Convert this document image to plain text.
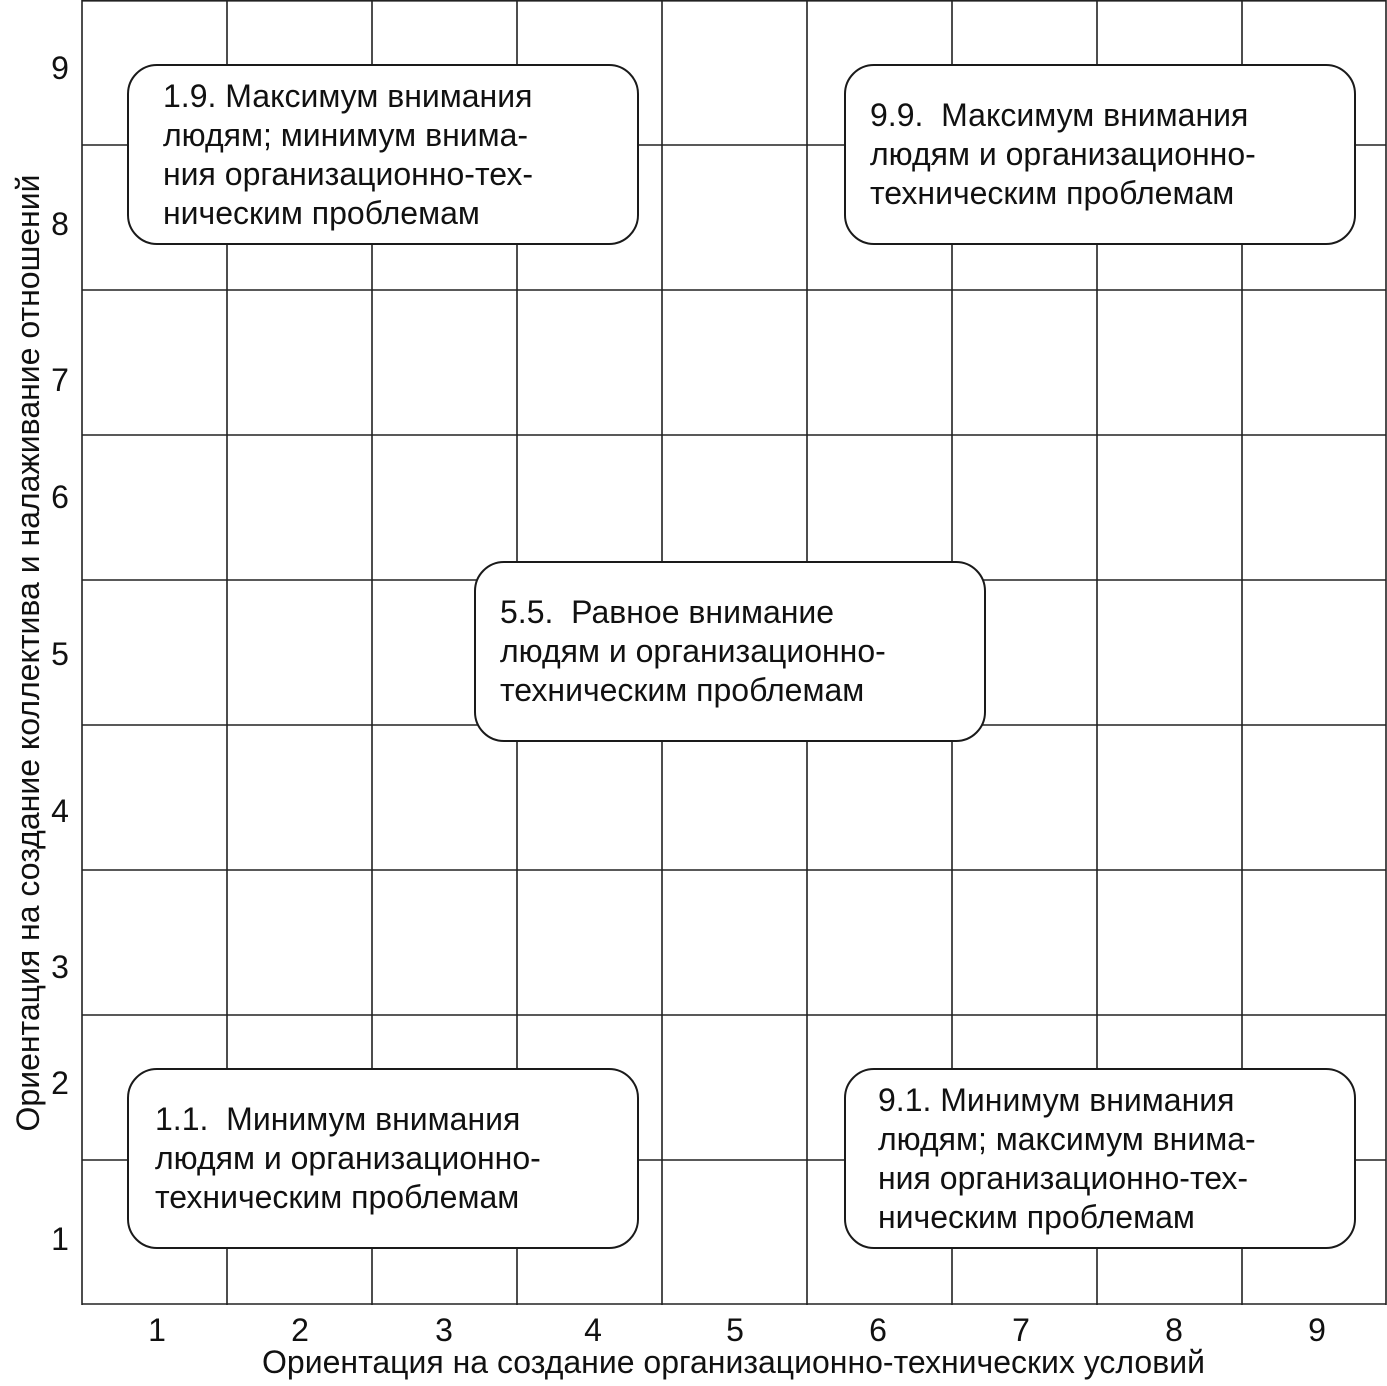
1	2	3	4	5	6	7	8	9
1
2
3
4
5
6
7
8
9
Ориентация на создание организационно-технических условий
Ориентация на создание коллектива и налаживание отношений
1.9. Максимум внимания
людям; минимум внима-
ния организационно-тех-
ническим проблемам
9.9.  Максимум внимания
людям и организационно-
техническим проблемам
5.5.  Равное внимание
людям и организационно-
техническим проблемам
1.1.  Минимум внимания
людям и организационно-
техническим проблемам
9.1. Минимум внимания
людям; максимум внима-
ния организационно-тех-
ническим проблемам
